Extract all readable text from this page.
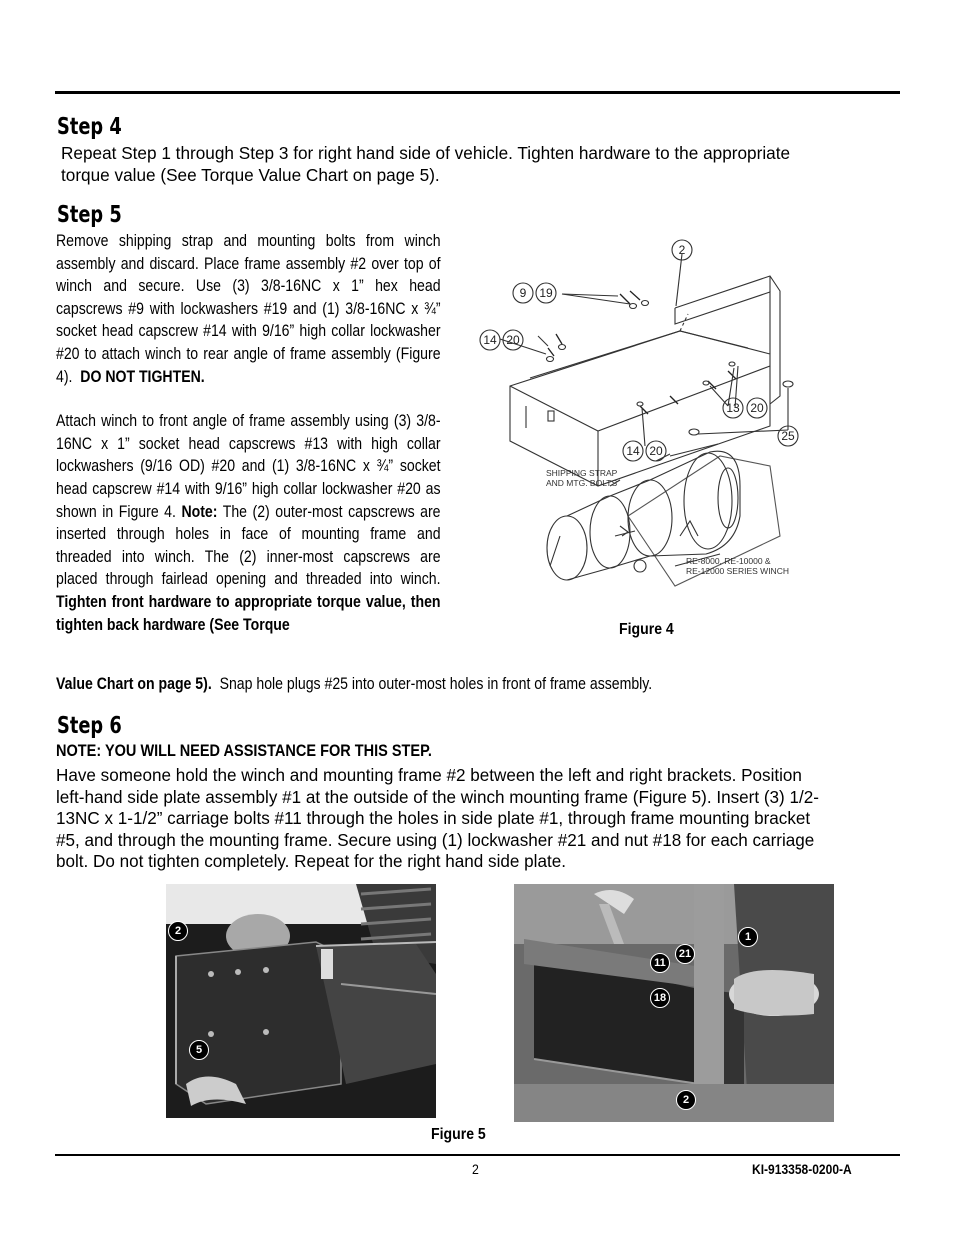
Step 4
Repeat Step 1 through Step 3 for right hand side of vehicle. Tighten hardware to the appropriate
torque value (See Torque Value Chart on page 5).
Step 5

Remove shipping strap and mounting bolts from winch assembly and discard. Place frame assembly #2 over top of winch and secure. Use (3) 3/8-16NC x 1” hex head capscrews #9 with lockwashers #19 and (1) 3/8-16NC x ¾” socket head capscrew #14 with 9/16” high collar lockwasher #20 to attach winch to rear angle of frame assembly (Figure 4). DO NOT TIGHTEN.

Attach winch to front angle of frame assembly using (3) 3/8-16NC x 1” socket head capscrews #13 with high collar lockwashers (9/16 OD) #20 and (1) 3/8-16NC x ¾” socket head capscrew #14 with 9/16” high collar lockwasher #20 as shown in Figure 4. Note: The (2) outer-most capscrews are inserted through holes in face of mounting frame and threaded into winch. The (2) inner-most capscrews are placed through fairlead opening and threaded into winch. Tighten front hardware to appropriate torque value, then tighten back hardware (See Torque

Value Chart on page 5). Snap hole plugs #25 into outer-most holes in front of frame assembly.
2
9 19
14 20
13 20
25
14 20
SHIPPING STRAP
AND MTG. BOLTS
RE-8000, RE-10000 &
RE-12000 SERIES WINCH
Figure 4
Step 6
NOTE: YOU WILL NEED ASSISTANCE FOR THIS STEP.
Have someone hold the winch and mounting frame #2 between the left and right brackets. Position
left-hand side plate assembly #1 at the outside of the winch mounting frame (Figure 5). Insert (3) 1/2-
13NC x 1-1/2” carriage bolts #11 through the holes in side plate #1, through frame mounting bracket
#5, and through the mounting frame. Secure using (1) lockwasher #21 and nut #18 for each carriage
bolt. Do not tighten completely. Repeat for the right hand side plate.
2
5
1
21
11
18
2
Figure 5
2	KI-913358-0200-A
